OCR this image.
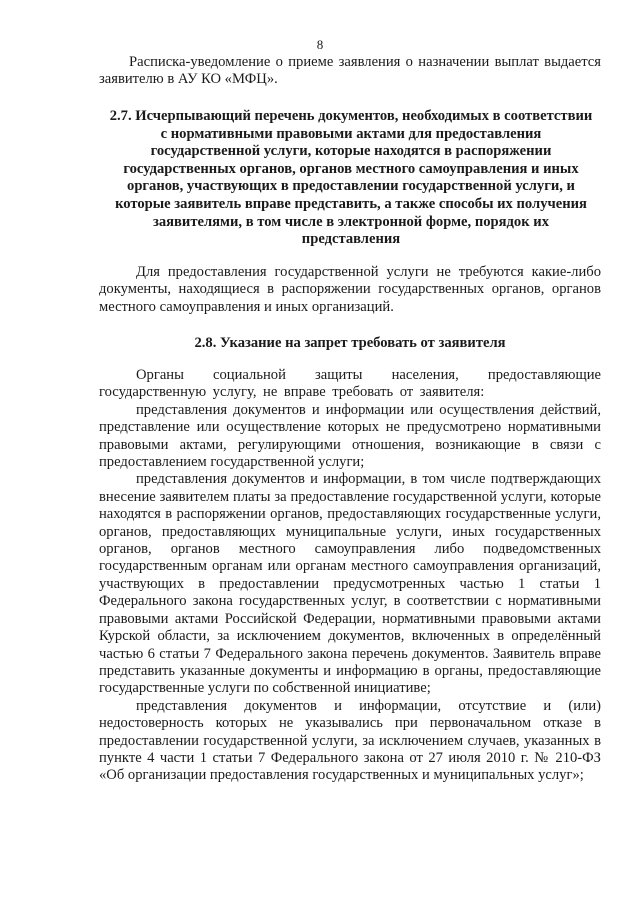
8

Расписка-уведомление о приеме заявления о назначении выплат выдается заявителю в АУ КО «МФЦ».

2.7. Исчерпывающий перечень документов, необходимых в соответствии с нормативными правовыми актами для предоставления государственной услуги, которые находятся в распоряжении государственных органов, органов местного самоуправления и иных органов, участвующих в предоставлении государственной услуги, и которые заявитель вправе представить, а также способы их получения заявителями, в том числе в электронной форме, порядок их представления

Для предоставления государственной услуги не требуются какие-либо документы, находящиеся в распоряжении государственных органов, органов местного самоуправления и иных организаций.

2.8. Указание на запрет требовать от заявителя

Органы социальной защиты населения, предоставляющие государственную услугу, не вправе требовать от заявителя:

представления документов и информации или осуществления действий, представление или осуществление которых не предусмотрено нормативными правовыми актами, регулирующими отношения, возникающие в связи с предоставлением государственной услуги;

представления документов и информации, в том числе подтверждающих внесение заявителем платы за предоставление государственной услуги, которые находятся в распоряжении органов, предоставляющих государственные услуги, органов, предоставляющих муниципальные услуги, иных государственных органов, органов местного самоуправления либо подведомственных государственным органам или органам местного самоуправления организаций, участвующих в предоставлении предусмотренных частью 1 статьи 1 Федерального закона государственных услуг, в соответствии с нормативными правовыми актами Российской Федерации, нормативными правовыми актами Курской области, за исключением документов, включенных в определённый частью 6 статьи 7 Федерального закона перечень документов. Заявитель вправе представить указанные документы и информацию в органы, предоставляющие государственные услуги по собственной инициативе;

представления документов и информации, отсутствие и (или) недостоверность которых не указывались при первоначальном отказе в предоставлении государственной услуги, за исключением случаев, указанных в пункте 4 части 1 статьи 7 Федерального закона от 27 июля 2010 г. № 210-ФЗ «Об организации предоставления государственных и муниципальных услуг»;
